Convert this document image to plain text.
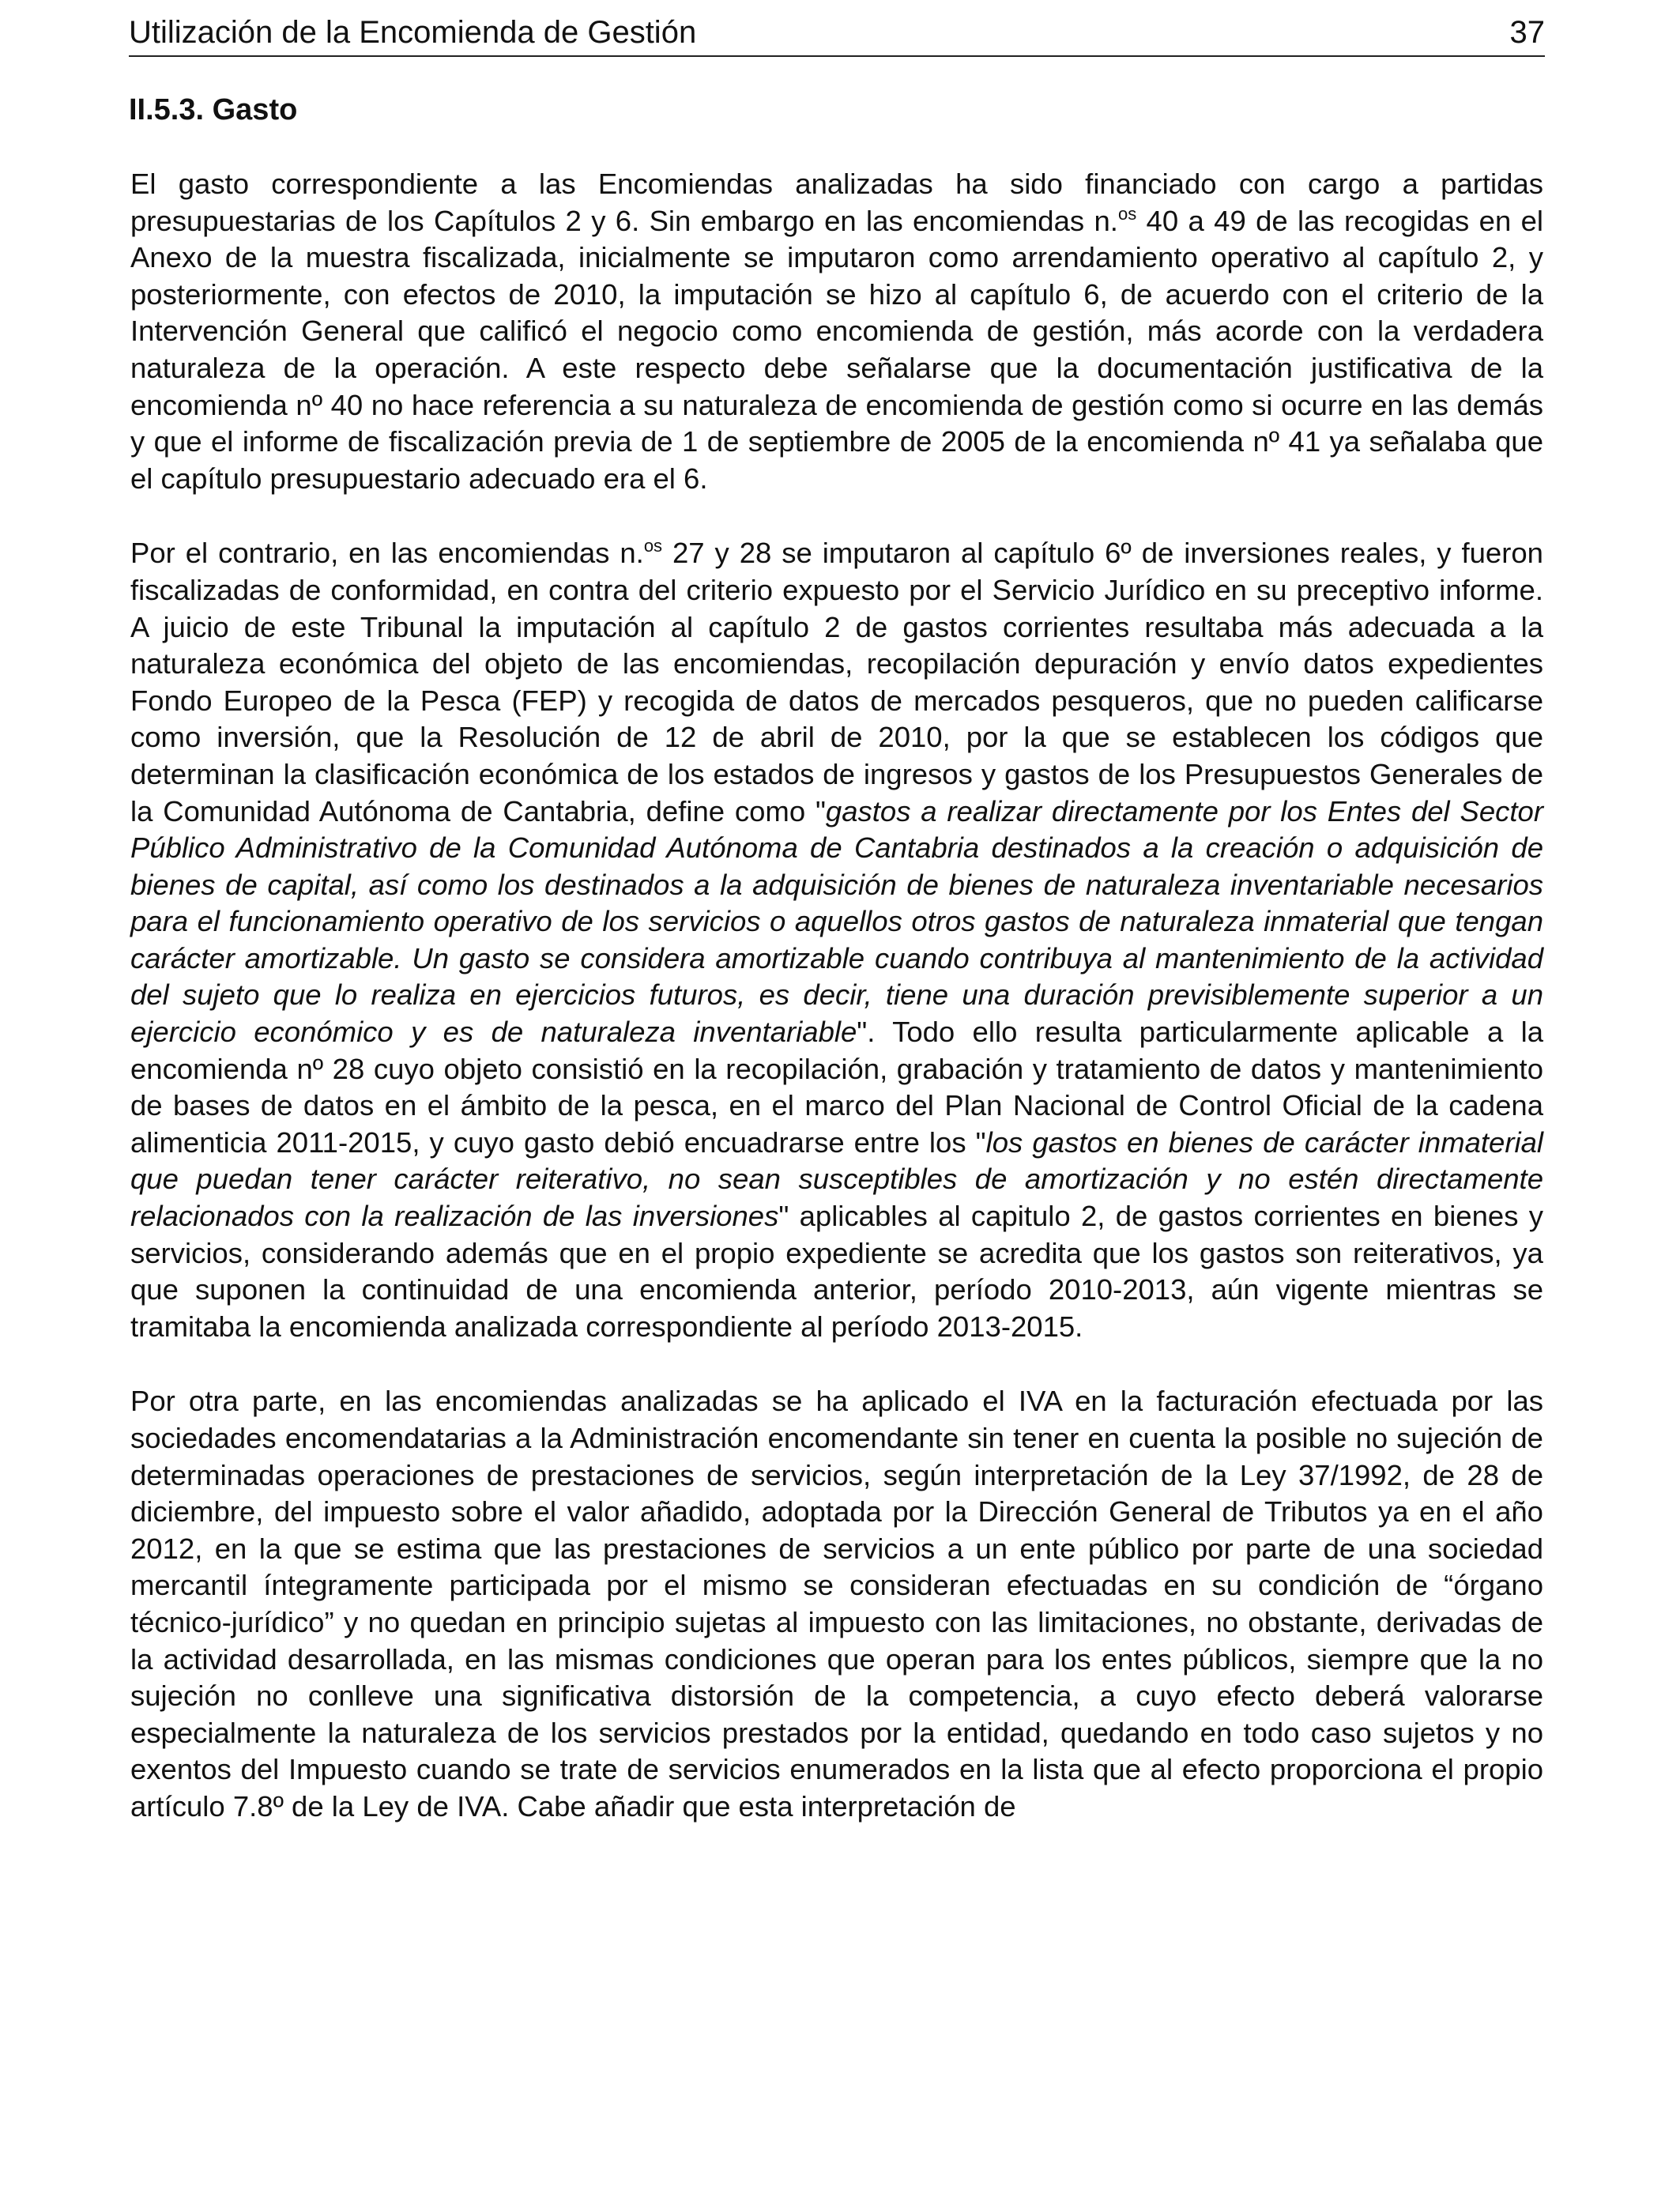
Utilización de la Encomienda de Gestión	37
II.5.3. Gasto

El gasto correspondiente a las Encomiendas analizadas ha sido financiado con cargo a partidas presupuestarias de los Capítulos 2 y 6. Sin embargo en las encomiendas n.$^{os}$ 40 a 49 de las recogidas en el Anexo de la muestra fiscalizada, inicialmente se imputaron como arrendamiento operativo al capítulo 2, y posteriormente, con efectos de 2010, la imputación se hizo al capítulo 6, de acuerdo con el criterio de la Intervención General que calificó el negocio como encomienda de gestión, más acorde con la verdadera naturaleza de la operación. A este respecto debe señalarse que la documentación justificativa de la encomienda nº 40 no hace referencia a su naturaleza de encomienda de gestión como si ocurre en las demás y que el informe de fiscalización previa de 1 de septiembre de 2005 de la encomienda nº 41 ya señalaba que el capítulo presupuestario adecuado era el 6.

Por el contrario, en las encomiendas n.$^{os}$ 27 y 28 se imputaron al capítulo 6º de inversiones reales, y fueron fiscalizadas de conformidad, en contra del criterio expuesto por el Servicio Jurídico en su preceptivo informe. A juicio de este Tribunal la imputación al capítulo 2 de gastos corrientes resultaba más adecuada a la naturaleza económica del objeto de las encomiendas, recopilación depuración y envío datos expedientes Fondo Europeo de la Pesca (FEP) y recogida de datos de mercados pesqueros, que no pueden calificarse como inversión, que la Resolución de 12 de abril de 2010, por la que se establecen los códigos que determinan la clasificación económica de los estados de ingresos y gastos de los Presupuestos Generales de la Comunidad Autónoma de Cantabria, define como "gastos a realizar directamente por los Entes del Sector Público Administrativo de la Comunidad Autónoma de Cantabria destinados a la creación o adquisición de bienes de capital, así como los destinados a la adquisición de bienes de naturaleza inventariable necesarios para el funcionamiento operativo de los servicios o aquellos otros gastos de naturaleza inmaterial que tengan carácter amortizable. Un gasto se considera amortizable cuando contribuya al mantenimiento de la actividad del sujeto que lo realiza en ejercicios futuros, es decir, tiene una duración previsiblemente superior a un ejercicio económico y es de naturaleza inventariable". Todo ello resulta particularmente aplicable a la encomienda nº 28 cuyo objeto consistió en la recopilación, grabación y tratamiento de datos y mantenimiento de bases de datos en el ámbito de la pesca, en el marco del Plan Nacional de Control Oficial de la cadena alimenticia 2011-2015, y cuyo gasto debió encuadrarse entre los "los gastos en bienes de carácter inmaterial que puedan tener carácter reiterativo, no sean susceptibles de amortización y no estén directamente relacionados con la realización de las inversiones" aplicables al capitulo 2, de gastos corrientes en bienes y servicios, considerando además que en el propio expediente se acredita que los gastos son reiterativos, ya que suponen la continuidad de una encomienda anterior, período 2010-2013, aún vigente mientras se tramitaba la encomienda analizada correspondiente al período 2013-2015.

Por otra parte, en las encomiendas analizadas se ha aplicado el IVA en la facturación efectuada por las sociedades encomendatarias a la Administración encomendante sin tener en cuenta la posible no sujeción de determinadas operaciones de prestaciones de servicios, según interpretación de la Ley 37/1992, de 28 de diciembre, del impuesto sobre el valor añadido, adoptada por la Dirección General de Tributos ya en el año 2012, en la que se estima que las prestaciones de servicios a un ente público por parte de una sociedad mercantil íntegramente participada por el mismo se consideran efectuadas en su condición de “órgano técnico-jurídico” y no quedan en principio sujetas al impuesto con las limitaciones, no obstante, derivadas de la actividad desarrollada, en las mismas condiciones que operan para los entes públicos, siempre que la no sujeción no conlleve una significativa distorsión de la competencia, a cuyo efecto deberá valorarse especialmente la naturaleza de los servicios prestados por la entidad, quedando en todo caso sujetos y no exentos del Impuesto cuando se trate de servicios enumerados en la lista que al efecto proporciona el propio artículo 7.8º de la Ley de IVA. Cabe añadir que esta interpretación de
